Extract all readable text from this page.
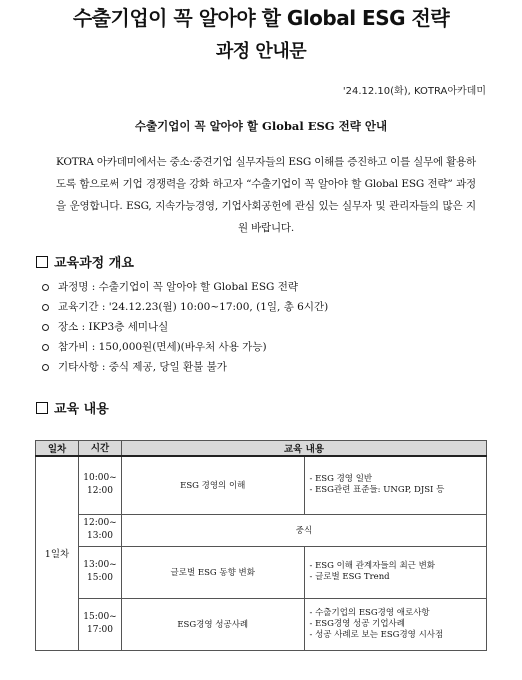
수출기업이 꼭 알아야 할 Global ESG 전략
과정 안내문
'24.12.10(화), KOTRA아카데미
수출기업이 꼭 알아야 할 Global ESG 전략 안내
KOTRA 아카데미에서는 중소·중견기업 실무자들의 ESG 이해를 증진하고 이를 실무에 활용하도록 함으로써 기업 경쟁력을 강화 하고자 “수출기업이 꼭 알아야 할 Global ESG 전략” 과정을 운영합니다. ESG, 지속가능경영, 기업사회공헌에 관심 있는 실무자 및 관리자들의 많은 지원 바랍니다.
교육과정 개요
과정명 : 수출기업이 꼭 알아야 할 Global ESG 전략
교육기간 : '24.12.23(월) 10:00~17:00, (1일, 총 6시간)
장소 : IKP3층 세미나실
참가비 : 150,000원(면세)(바우처 사용 가능)
기타사항 : 중식 제공, 당일 환불 불가
교육 내용
일차	시간	교육 내용	
1일차	10:00~
12:00	ESG 경영의 이해	- ESG 경영 일반
- ESG관련 표준들: UNGP, DJSI 등

	12:00~
13:00	중식	
	13:00~
15:00	글로벌 ESG 동향 변화	- ESG 이해 관계자들의 최근 변화
- 글로벌 ESG Trend

	15:00~
17:00	ESG경영 성공사례	- 수출기업의 ESG경영 애로사항
- ESG경영 성공 기업사례
- 성공 사례로 보는 ESG경영 시사점
